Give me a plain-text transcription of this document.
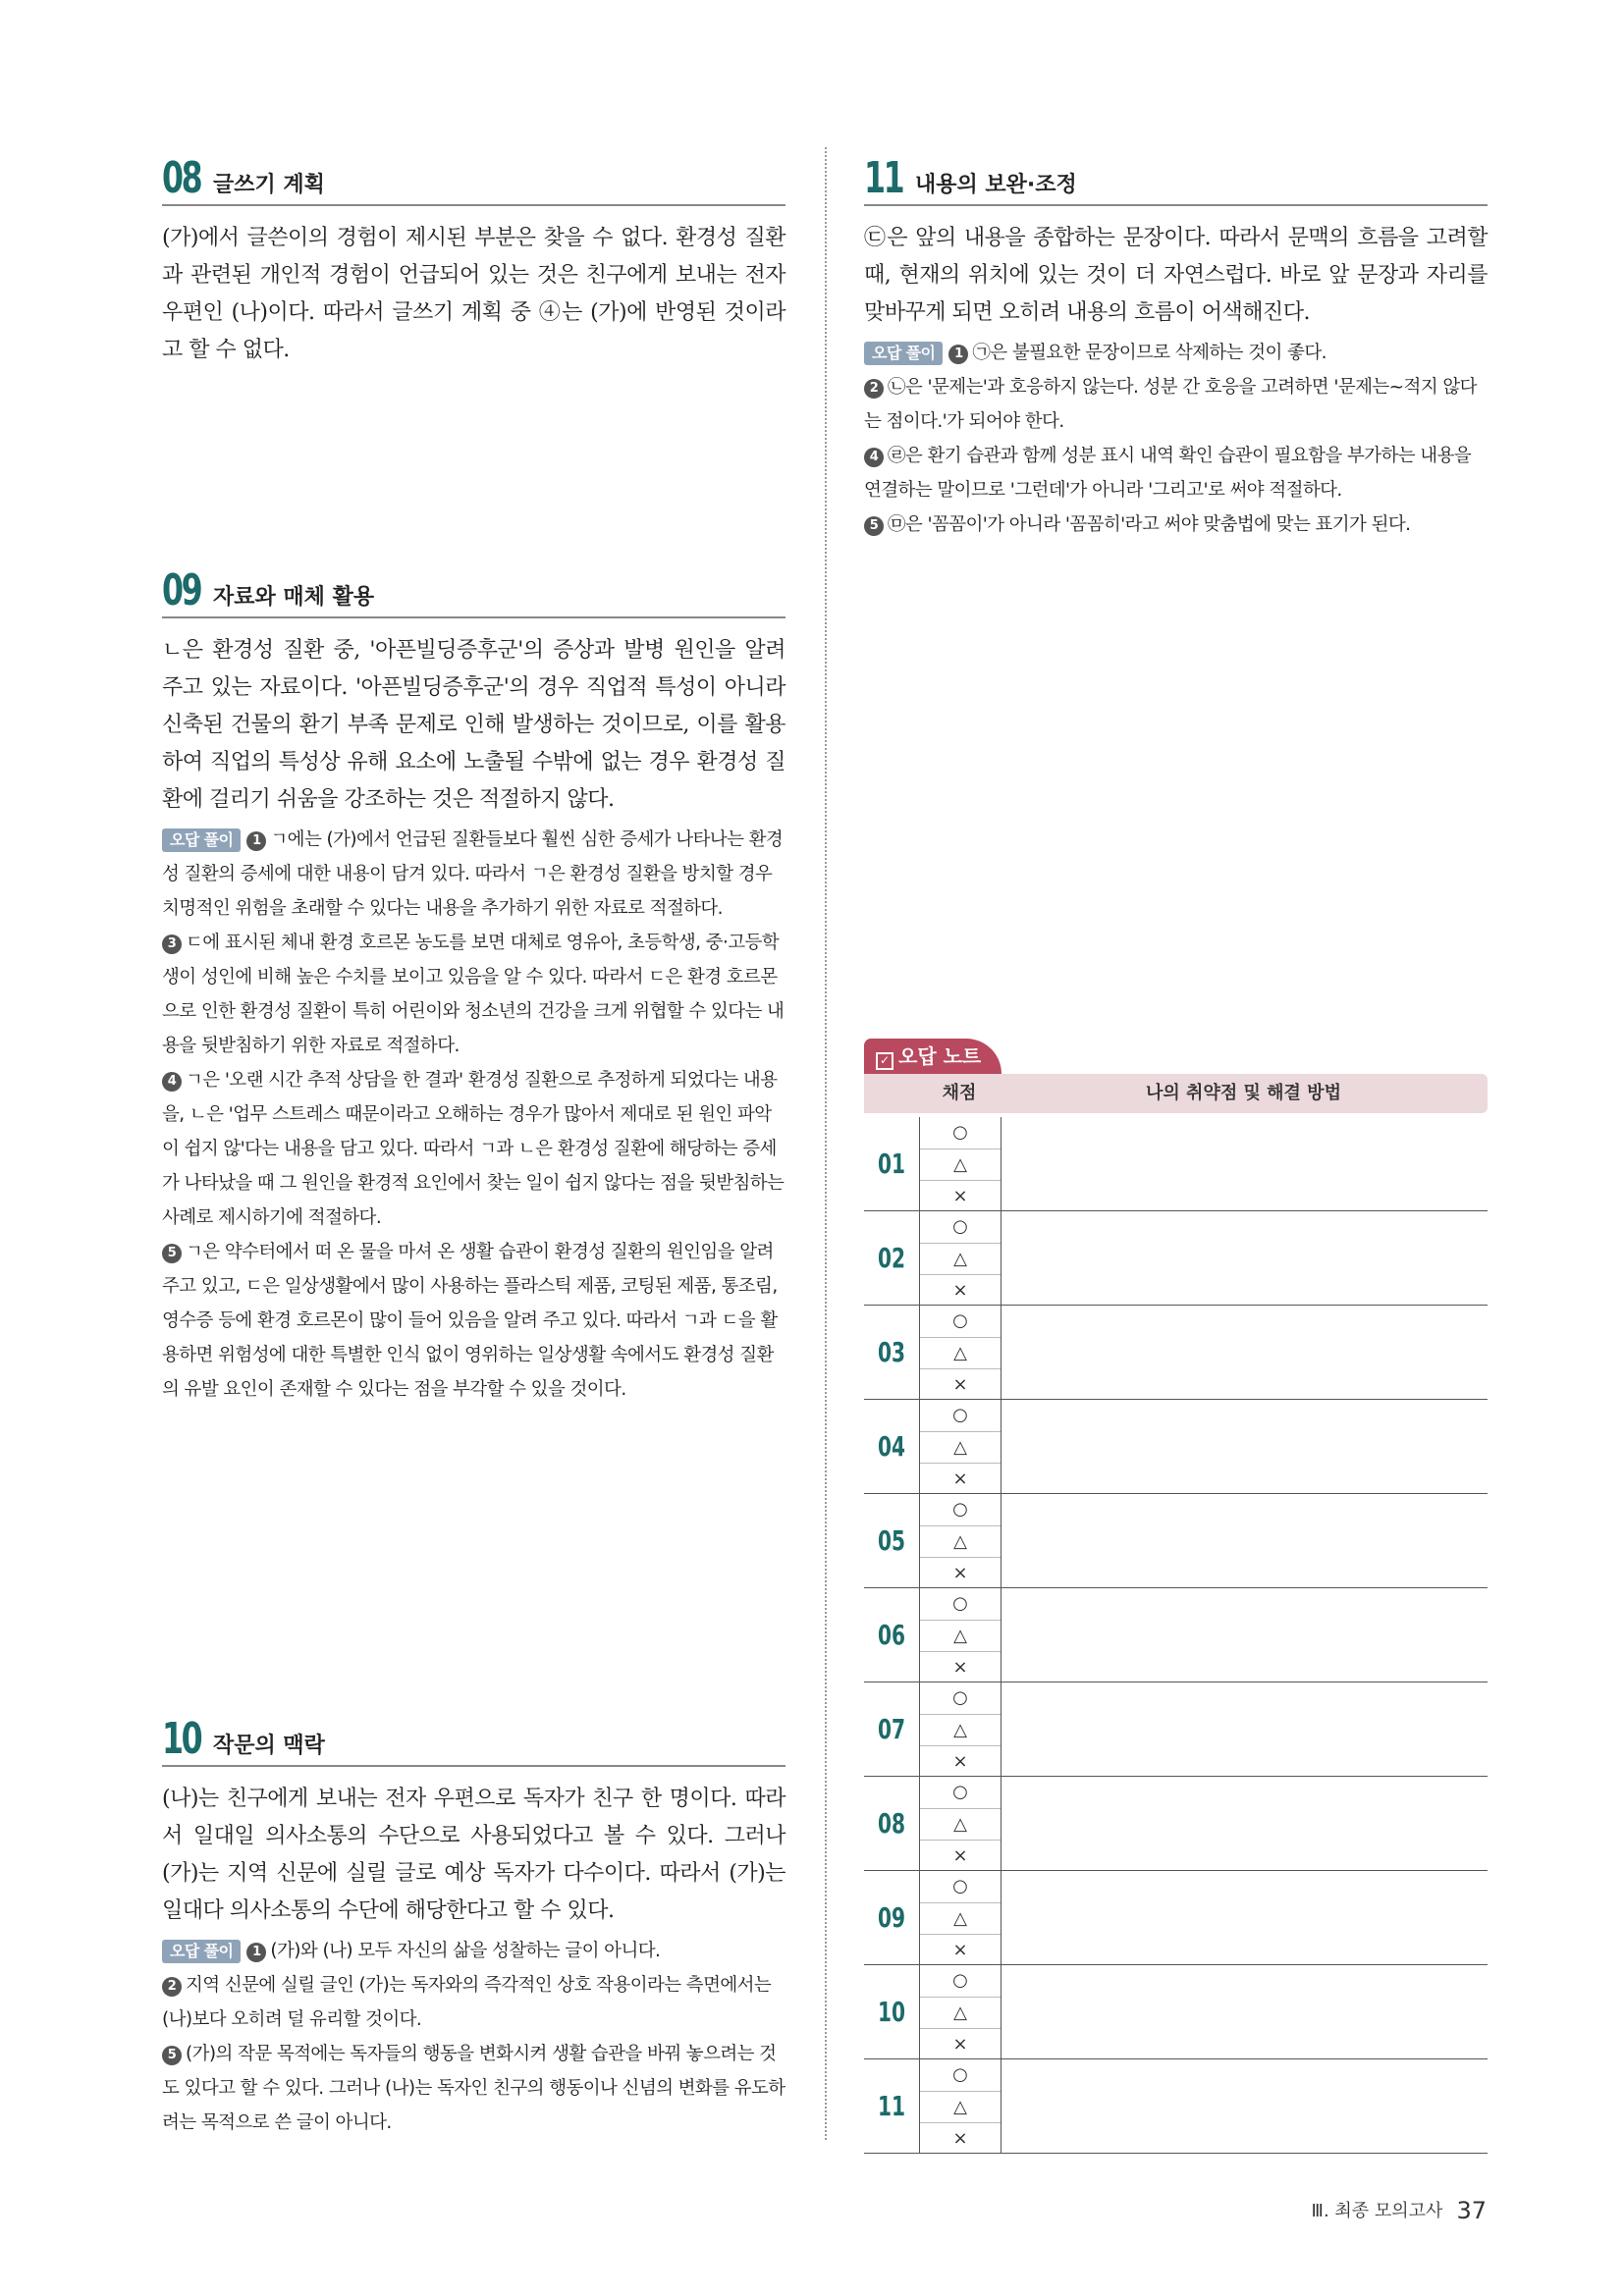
08 글쓰기 계획
(가)에서 글쓴이의 경험이 제시된 부분은 찾을 수 없다. 환경성 질환과 관련된 개인적 경험이 언급되어 있는 것은 친구에게 보내는 전자 우편인 (나)이다. 따라서 글쓰기 계획 중 ④는 (가)에 반영된 것이라고 할 수 없다.
09 자료와 매체 활용
ㄴ은 환경성 질환 중, '아픈빌딩증후군'의 증상과 발병 원인을 알려 주고 있는 자료이다. '아픈빌딩증후군'의 경우 직업적 특성이 아니라 신축된 건물의 환기 부족 문제로 인해 발생하는 것이므로, 이를 활용하여 직업의 특성상 유해 요소에 노출될 수밖에 없는 경우 환경성 질환에 걸리기 쉬움을 강조하는 것은 적절하지 않다.
오답 풀이 1 ㄱ에는 (가)에서 언급된 질환들보다 훨씬 심한 증세가 나타나는 환경성 질환의 증세에 대한 내용이 담겨 있다. 따라서 ㄱ은 환경성 질환을 방치할 경우 치명적인 위험을 초래할 수 있다는 내용을 추가하기 위한 자료로 적절하다.
3 ㄷ에 표시된 체내 환경 호르몬 농도를 보면 대체로 영유아, 초등학생, 중·고등학생이 성인에 비해 높은 수치를 보이고 있음을 알 수 있다. 따라서 ㄷ은 환경 호르몬으로 인한 환경성 질환이 특히 어린이와 청소년의 건강을 크게 위협할 수 있다는 내용을 뒷받침하기 위한 자료로 적절하다.
4 ㄱ은 '오랜 시간 추적 상담을 한 결과' 환경성 질환으로 추정하게 되었다는 내용을, ㄴ은 '업무 스트레스 때문이라고 오해하는 경우가 많아서 제대로 된 원인 파악이 쉽지 않'다는 내용을 담고 있다. 따라서 ㄱ과 ㄴ은 환경성 질환에 해당하는 증세가 나타났을 때 그 원인을 환경적 요인에서 찾는 일이 쉽지 않다는 점을 뒷받침하는 사례로 제시하기에 적절하다.
5 ㄱ은 약수터에서 떠 온 물을 마셔 온 생활 습관이 환경성 질환의 원인임을 알려 주고 있고, ㄷ은 일상생활에서 많이 사용하는 플라스틱 제품, 코팅된 제품, 통조림, 영수증 등에 환경 호르몬이 많이 들어 있음을 알려 주고 있다. 따라서 ㄱ과 ㄷ을 활용하면 위험성에 대한 특별한 인식 없이 영위하는 일상생활 속에서도 환경성 질환의 유발 요인이 존재할 수 있다는 점을 부각할 수 있을 것이다.
10 작문의 맥락
(나)는 친구에게 보내는 전자 우편으로 독자가 친구 한 명이다. 따라서 일대일 의사소통의 수단으로 사용되었다고 볼 수 있다. 그러나 (가)는 지역 신문에 실릴 글로 예상 독자가 다수이다. 따라서 (가)는 일대다 의사소통의 수단에 해당한다고 할 수 있다.
오답 풀이 1 (가)와 (나) 모두 자신의 삶을 성찰하는 글이 아니다.
2 지역 신문에 실릴 글인 (가)는 독자와의 즉각적인 상호 작용이라는 측면에서는 (나)보다 오히려 덜 유리할 것이다.
5 (가)의 작문 목적에는 독자들의 행동을 변화시켜 생활 습관을 바꿔 놓으려는 것도 있다고 할 수 있다. 그러나 (나)는 독자인 친구의 행동이나 신념의 변화를 유도하려는 목적으로 쓴 글이 아니다.
11 내용의 보완·조정
㉢은 앞의 내용을 종합하는 문장이다. 따라서 문맥의 흐름을 고려할 때, 현재의 위치에 있는 것이 더 자연스럽다. 바로 앞 문장과 자리를 맞바꾸게 되면 오히려 내용의 흐름이 어색해진다.
오답 풀이 1 ㉠은 불필요한 문장이므로 삭제하는 것이 좋다.
2 ㉡은 '문제는'과 호응하지 않는다. 성분 간 호응을 고려하면 '문제는~적지 않다는 점이다.'가 되어야 한다.
4 ㉣은 환기 습관과 함께 성분 표시 내역 확인 습관이 필요함을 부가하는 내용을 연결하는 말이므로 '그런데'가 아니라 '그리고'로 써야 적절하다.
5 ㉤은 '꼼꼼이'가 아니라 '꼼꼼히'라고 써야 맞춤법에 맞는 표기가 된다.
✓ 오답 노트
채점	나의 취약점 및 해결 방법
01
○
△
×
02
○
△
×
03
○
△
×
04
○
△
×
05
○
△
×
06
○
△
×
07
○
△
×
08
○
△
×
09
○
△
×
10
○
△
×
11
○
△
×
Ⅲ. 최종 모의고사 37
